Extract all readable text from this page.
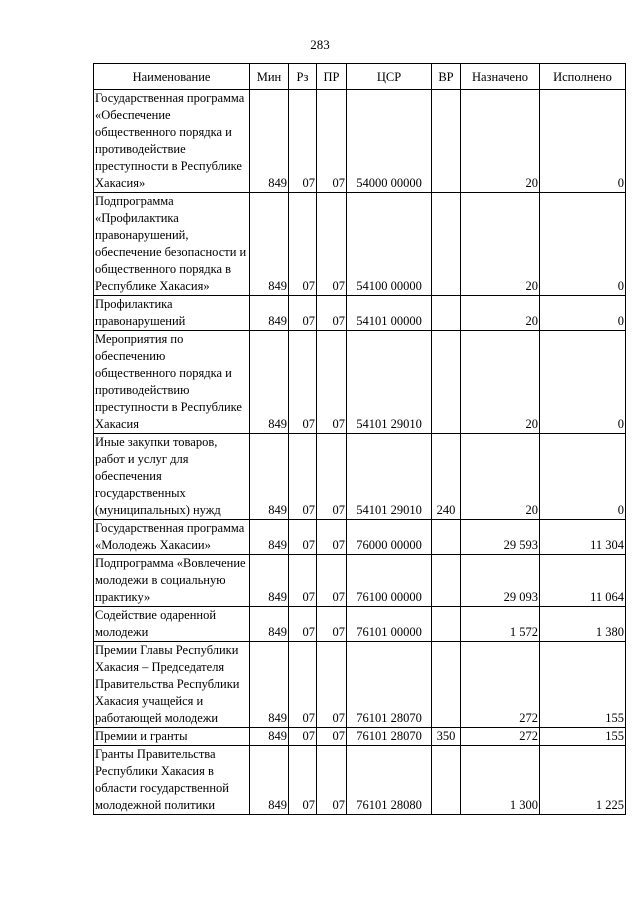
283
Наименование	Мин	Рз	ПР	ЦСР	ВР	Назначено	Исполнено
Государственная программа «Обеспечение общественного порядка и противодействие преступности в Республике Хакасия»	849	07	07	54000 00000		20	0
Подпрограмма «Профилактика правонарушений, обеспечение безопасности и общественного порядка в Республике Хакасия»	849	07	07	54100 00000		20	0
Профилактика правонарушений	849	07	07	54101 00000		20	0
Мероприятия по обеспечению общественного порядка и противодействию преступности в Республике Хакасия	849	07	07	54101 29010		20	0
Иные закупки товаров, работ и услуг для обеспечения государственных (муниципальных) нужд	849	07	07	54101 29010	240	20	0
Государственная программа «Молодежь Хакасии»	849	07	07	76000 00000		29 593	11 304
Подпрограмма «Вовлечение молодежи в социальную практику»	849	07	07	76100 00000		29 093	11 064
Содействие одаренной молодежи	849	07	07	76101 00000		1 572	1 380
Премии Главы Республики Хакасия – Председателя Правительства Республики Хакасия учащейся и работающей молодежи	849	07	07	76101 28070		272	155
Премии и гранты	849	07	07	76101 28070	350	272	155
Гранты Правительства Республики Хакасия в области государственной молодежной политики	849	07	07	76101 28080		1 300	1 225
